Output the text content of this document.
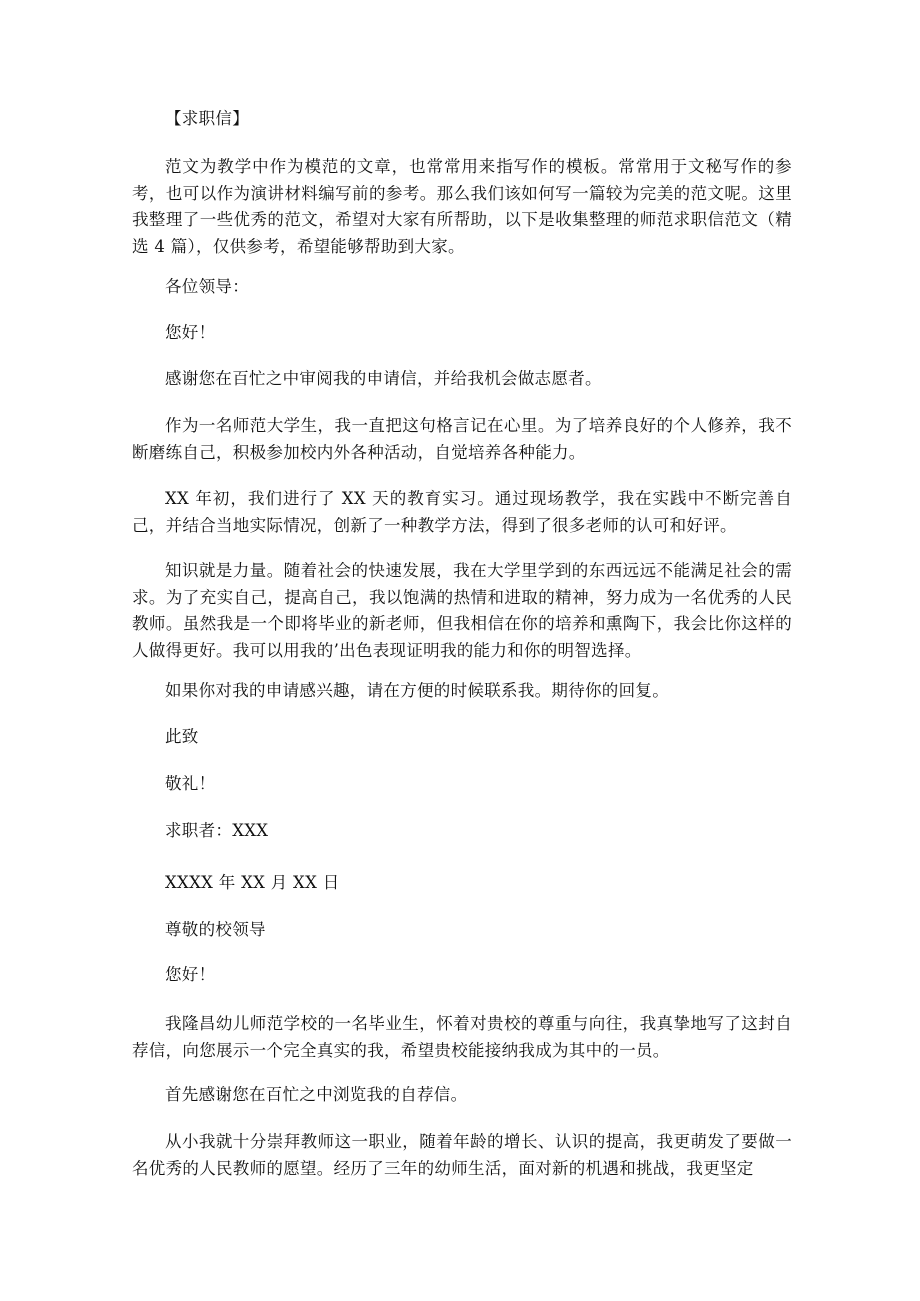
【求职信】

范文为教学中作为模范的文章，也常常用来指写作的模板。常常用于文秘写作的参考，也可以作为演讲材料编写前的参考。那么我们该如何写一篇较为完美的范文呢。这里我整理了一些优秀的范文，希望对大家有所帮助，以下是收集整理的师范求职信范文（精选 4 篇），仅供参考，希望能够帮助到大家。

各位领导：

您好！

感谢您在百忙之中审阅我的申请信，并给我机会做志愿者。

作为一名师范大学生，我一直把这句格言记在心里。为了培养良好的个人修养，我不断磨练自己，积极参加校内外各种活动，自觉培养各种能力。

XX 年初，我们进行了 XX 天的教育实习。通过现场教学，我在实践中不断完善自己，并结合当地实际情况，创新了一种教学方法，得到了很多老师的认可和好评。

知识就是力量。随着社会的快速发展，我在大学里学到的东西远远不能满足社会的需求。为了充实自己，提高自己，我以饱满的热情和进取的精神，努力成为一名优秀的人民教师。虽然我是一个即将毕业的新老师，但我相信在你的培养和熏陶下，我会比你这样的人做得更好。我可以用我的’出色表现证明我的能力和你的明智选择。

如果你对我的申请感兴趣，请在方便的时候联系我。期待你的回复。

此致

敬礼！

求职者：XXX

XXXX 年 XX 月 XX 日

尊敬的校领导

您好！

我隆昌幼儿师范学校的一名毕业生，怀着对贵校的尊重与向往，我真挚地写了这封自荐信，向您展示一个完全真实的我，希望贵校能接纳我成为其中的一员。

首先感谢您在百忙之中浏览我的自荐信。

从小我就十分崇拜教师这一职业，随着年龄的增长、认识的提高，我更萌发了要做一名优秀的人民教师的愿望。经历了三年的幼师生活，面对新的机遇和挑战，我更坚定
